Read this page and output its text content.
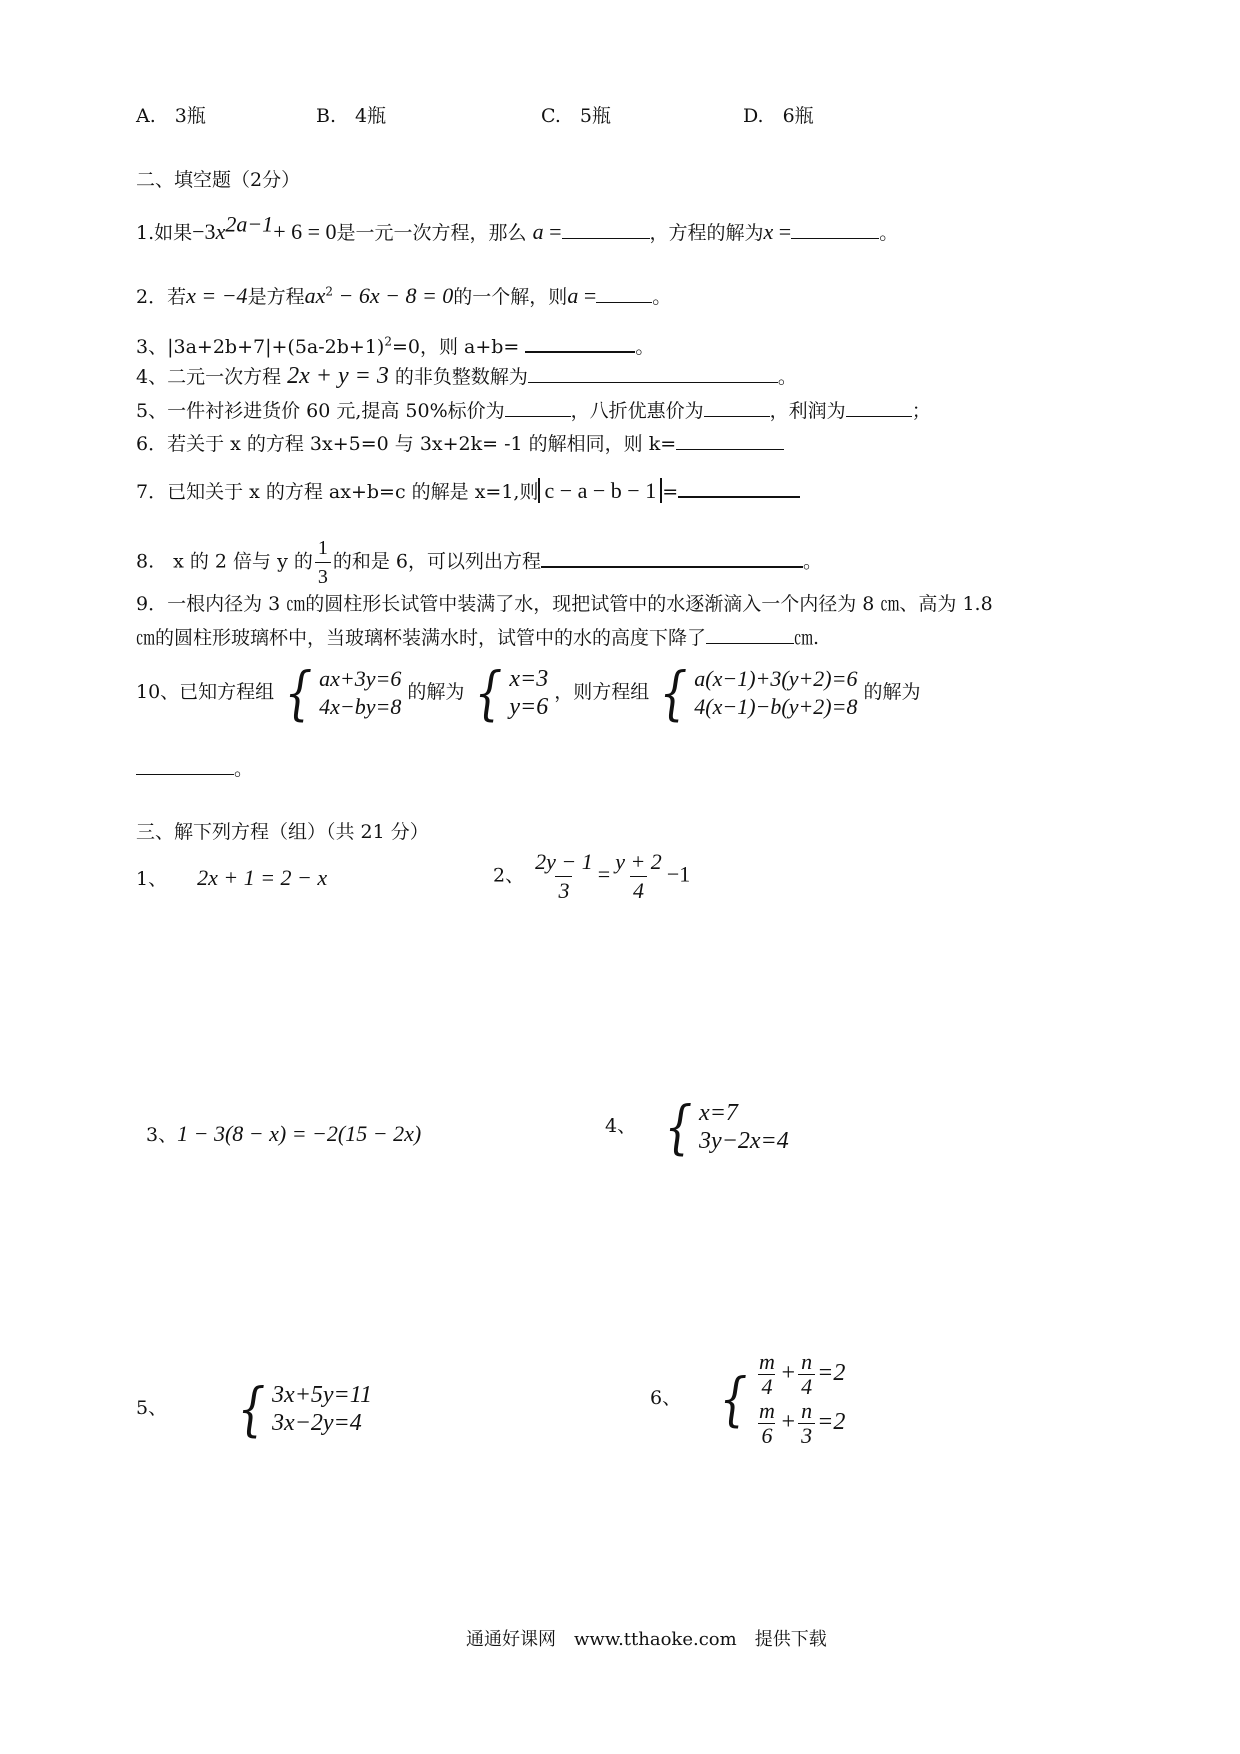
A.　3瓶	B.　4瓶	C.　5瓶	D.　6瓶
二、填空题（2分）
1.如果$-3x^{2a-1}+ 6 = 0$是一元一次方程，那么 a =	，方程的解为x =	。
2．若x = −4是方程$ax^2 - 6x - 8 = 0$的一个解，则a =	。
3、$|3a+2b+7|+(5a-2b+1)^2=0$，则 a+b=	。
4、二元一次方程 2x + y = 3 的非负整数解为	。
5、一件衬衫进货价 60 元,提高 50%标价为	，八折优惠价为	，利润为	；
6．若关于 x 的方程 3x+5=0 与 3x+2k= -1 的解相同，则 k=
7．已知关于 x 的方程 ax+b=c 的解是 x=1,则 c − a − b − 1 =
8.　x 的 2 倍与 y 的 $\frac{1}{3}$ 的和是 6，可以列出方程	。
9．一根内径为 3 ㎝的圆柱形长试管中装满了水，现把试管中的水逐渐滴入一个内径为 8 ㎝、高为 1.8
㎝的圆柱形玻璃杯中，当玻璃杯装满水时，试管中的水的高度下降了	㎝.
10、已知方程组 { ax+3y=6
4x−by=8
的解为 { x=3
y=6
，则方程组 { a(x−1)+3(y+2)=6
4(x−1)−b(y+2)=8
的解为
。
三、解下列方程（组）（共 21 分）
1、 2x + 1 = 2 − x	2、 $\frac{2y - 1}{3} = \frac{y + 2}{4} -1$
3、1 − 3(8 − x) = −2(15 − 2x)	4、 { x=7
3y−2x=4
5、 { 3x+5y=11
3x−2y=4
6、 { $\frac{m}{4} + \frac{n}{4} =2$
$\frac{m}{6} + \frac{n}{3} =2$
通通好课网　www.tthaoke.com　提供下载
